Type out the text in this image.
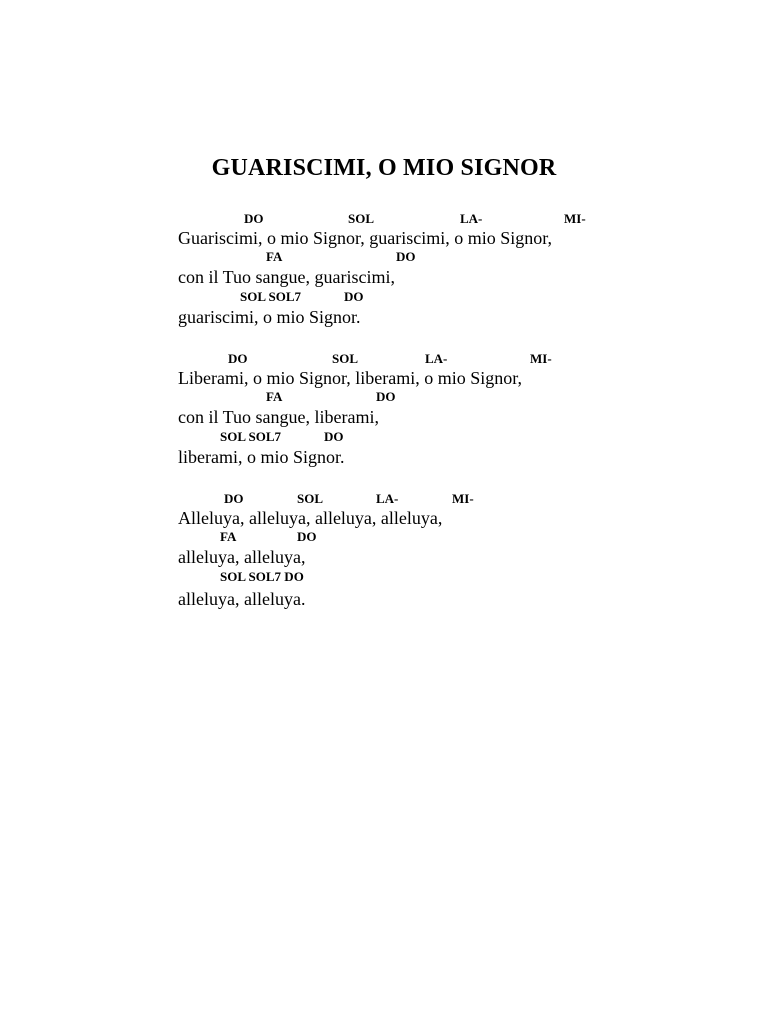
GUARISCIMI, O MIO SIGNOR
DO	SOL	LA-	MI-
Guariscimi, o mio Signor, guariscimi, o mio Signor,
FA	DO
con il Tuo sangue, guariscimi,
SOL SOL7	DO
guariscimi, o mio Signor.
DO	SOL	LA-	MI-
Liberami, o mio Signor, liberami, o mio Signor,
FA	DO
con il Tuo sangue, liberami,
SOL SOL7	DO
liberami, o mio Signor.
DO	SOL	LA-	MI-
Alleluya, alleluya, alleluya, alleluya,
FA	DO
alleluya, alleluya,
SOL SOL7 DO
alleluya, alleluya.
